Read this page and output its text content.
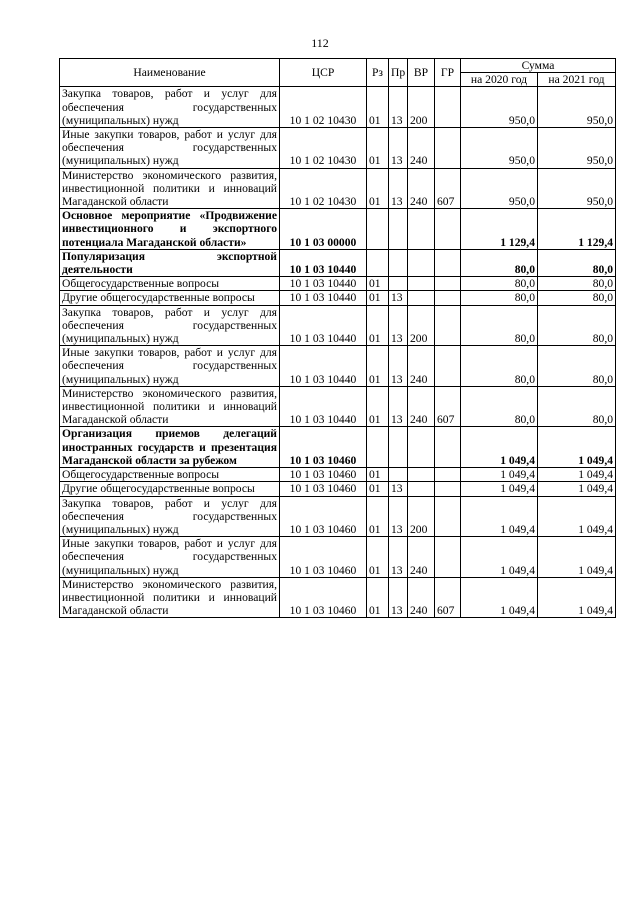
112
Наименование	ЦСР	Рз	Пр	ВР	ГР	Сумма	
						на 2020 год	на 2021 год
Закупка товаров, работ и услуг для обеспечения государственных (муниципальных) нужд	10 1 02 10430	01	13	200		950,0	950,0
Иные закупки товаров, работ и услуг для обеспечения государственных (муниципальных) нужд	10 1 02 10430	01	13	240		950,0	950,0
Министерство экономического развития, инвестиционной политики и инноваций Магаданской области	10 1 02 10430	01	13	240	607	950,0	950,0
Основное мероприятие «Продвижение инвестиционного и экспортного потенциала Магаданской области»	10 1 03 00000					1 129,4	1 129,4
Популяризация экспортной деятельности	10 1 03 10440					80,0	80,0
Общегосударственные вопросы	10 1 03 10440	01				80,0	80,0
Другие общегосударственные вопросы	10 1 03 10440	01	13			80,0	80,0
Закупка товаров, работ и услуг для обеспечения государственных (муниципальных) нужд	10 1 03 10440	01	13	200		80,0	80,0
Иные закупки товаров, работ и услуг для обеспечения государственных (муниципальных) нужд	10 1 03 10440	01	13	240		80,0	80,0
Министерство экономического развития, инвестиционной политики и инноваций Магаданской области	10 1 03 10440	01	13	240	607	80,0	80,0
Организация приемов делегаций иностранных государств и презентация Магаданской области за рубежом	10 1 03 10460					1 049,4	1 049,4
Общегосударственные вопросы	10 1 03 10460	01				1 049,4	1 049,4
Другие общегосударственные вопросы	10 1 03 10460	01	13			1 049,4	1 049,4
Закупка товаров, работ и услуг для обеспечения государственных (муниципальных) нужд	10 1 03 10460	01	13	200		1 049,4	1 049,4
Иные закупки товаров, работ и услуг для обеспечения государственных (муниципальных) нужд	10 1 03 10460	01	13	240		1 049,4	1 049,4
Министерство экономического развития, инвестиционной политики и инноваций Магаданской области	10 1 03 10460	01	13	240	607	1 049,4	1 049,4
